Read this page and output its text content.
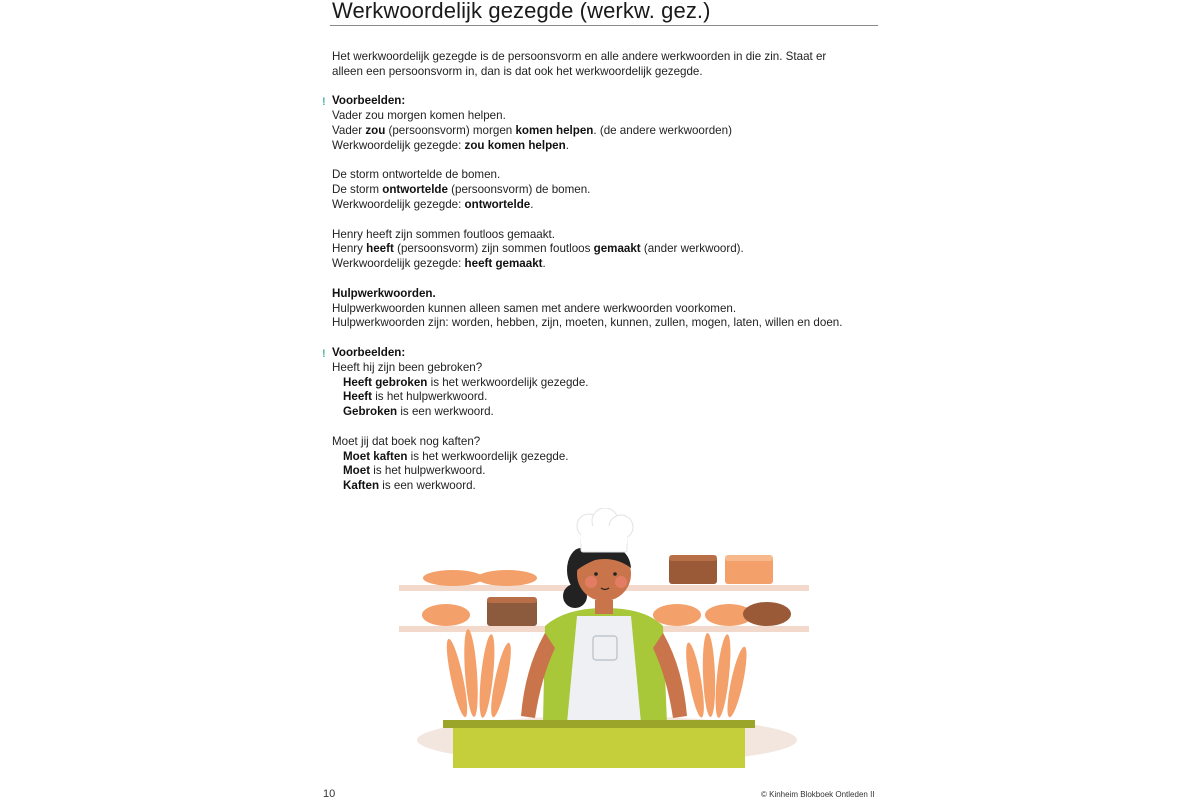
Werkwoordelijk gezegde (werkw. gez.)

Het werkwoordelijk gezegde is de persoonsvorm en alle andere werkwoorden in die zin. Staat er

alleen een persoonsvorm in, dan is dat ook het werkwoordelijk gezegde.

! Voorbeelden:

Vader zou morgen komen helpen.

Vader zou (persoonsvorm) morgen komen helpen. (de andere werkwoorden)

Werkwoordelijk gezegde: zou komen helpen.

De storm ontwortelde de bomen.

De storm ontwortelde (persoonsvorm) de bomen.

Werkwoordelijk gezegde: ontwortelde.

Henry heeft zijn sommen foutloos gemaakt.

Henry heeft (persoonsvorm) zijn sommen foutloos gemaakt (ander werkwoord).

Werkwoordelijk gezegde: heeft gemaakt.

Hulpwerkwoorden.

Hulpwerkwoorden kunnen alleen samen met andere werkwoorden voorkomen.

Hulpwerkwoorden zijn: worden, hebben, zijn, moeten, kunnen, zullen, mogen, laten, willen en doen.

! Voorbeelden:

Heeft hij zijn been gebroken?

Heeft gebroken is het werkwoordelijk gezegde.

Heeft is het hulpwerkwoord.

Gebroken is een werkwoord.

Moet jij dat boek nog kaften?

Moet kaften is het werkwoordelijk gezegde.

Moet is het hulpwerkwoord.

Kaften is een werkwoord.

10	© Kinheim Blokboek Ontleden II
